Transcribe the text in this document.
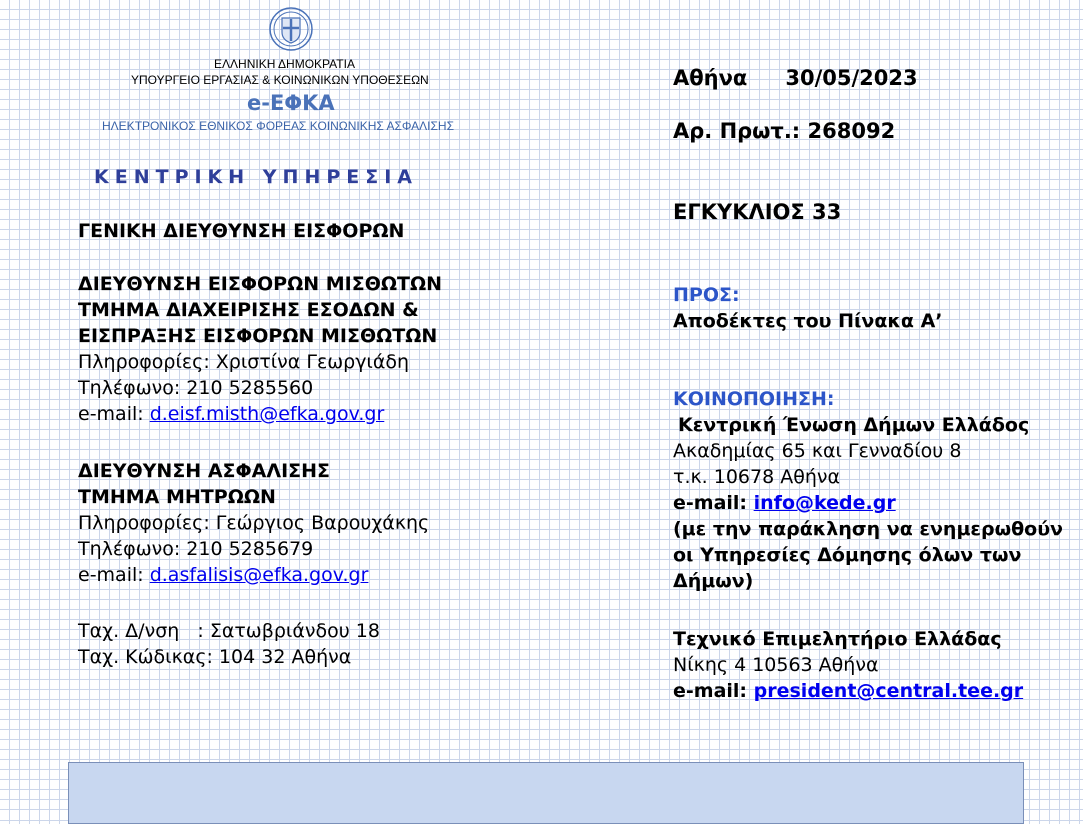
ΕΛΛΗΝΙΚΗ ΔΗΜΟΚΡΑΤΙΑ
ΥΠΟΥΡΓΕΙΟ ΕΡΓΑΣΙΑΣ & ΚΟΙΝΩΝΙΚΩΝ ΥΠΟΘΕΣΕΩΝ
e-ΕΦΚΑ
ΗΛΕΚΤΡΟΝΙΚΟΣ ΕΘΝΙΚΟΣ ΦΟΡΕΑΣ ΚΟΙΝΩΝΙΚΗΣ ΑΣΦΑΛΙΣΗΣ
ΚΕΝΤΡΙΚΗ ΥΠΗΡΕΣΙΑ
ΓΕΝΙΚΗ ΔΙΕΥΘΥΝΣΗ ΕΙΣΦΟΡΩΝ
ΔΙΕΥΘΥΝΣΗ ΕΙΣΦΟΡΩΝ ΜΙΣΘΩΤΩΝ
ΤΜΗΜΑ ΔΙΑΧΕΙΡΙΣΗΣ ΕΣΟΔΩΝ &
ΕΙΣΠΡΑΞΗΣ ΕΙΣΦΟΡΩΝ ΜΙΣΘΩΤΩΝ
Πληροφορίες: Χριστίνα Γεωργιάδη
Τηλέφωνο: 210 5285560
e-mail: d.eisf.misth@efka.gov.gr
ΔΙΕΥΘΥΝΣΗ ΑΣΦΑΛΙΣΗΣ
ΤΜΗΜΑ ΜΗΤΡΩΩΝ
Πληροφορίες: Γεώργιος Βαρουχάκης
Τηλέφωνο: 210 5285679
e-mail: d.asfalisis@efka.gov.gr
Ταχ. Δ/νση   : Σατωβριάνδου 18
Ταχ. Κώδικας: 104 32 Αθήνα
Αθήνα 30/05/2023
Αρ. Πρωτ.: 268092
ΕΓΚΥΚΛΙΟΣ 33
ΠΡΟΣ:
Αποδέκτες του Πίνακα Α’
ΚΟΙΝΟΠΟΙΗΣΗ:
Κεντρική Ένωση Δήμων Ελλάδος
Ακαδημίας 65 και Γενναδίου 8
τ.κ. 10678 Αθήνα
e-mail: info@kede.gr
(με την παράκληση να ενημερωθούν
οι Υπηρεσίες Δόμησης όλων των
Δήμων)
Τεχνικό Επιμελητήριο Ελλάδας
Νίκης 4 10563 Αθήνα
e-mail: president@central.tee.gr
